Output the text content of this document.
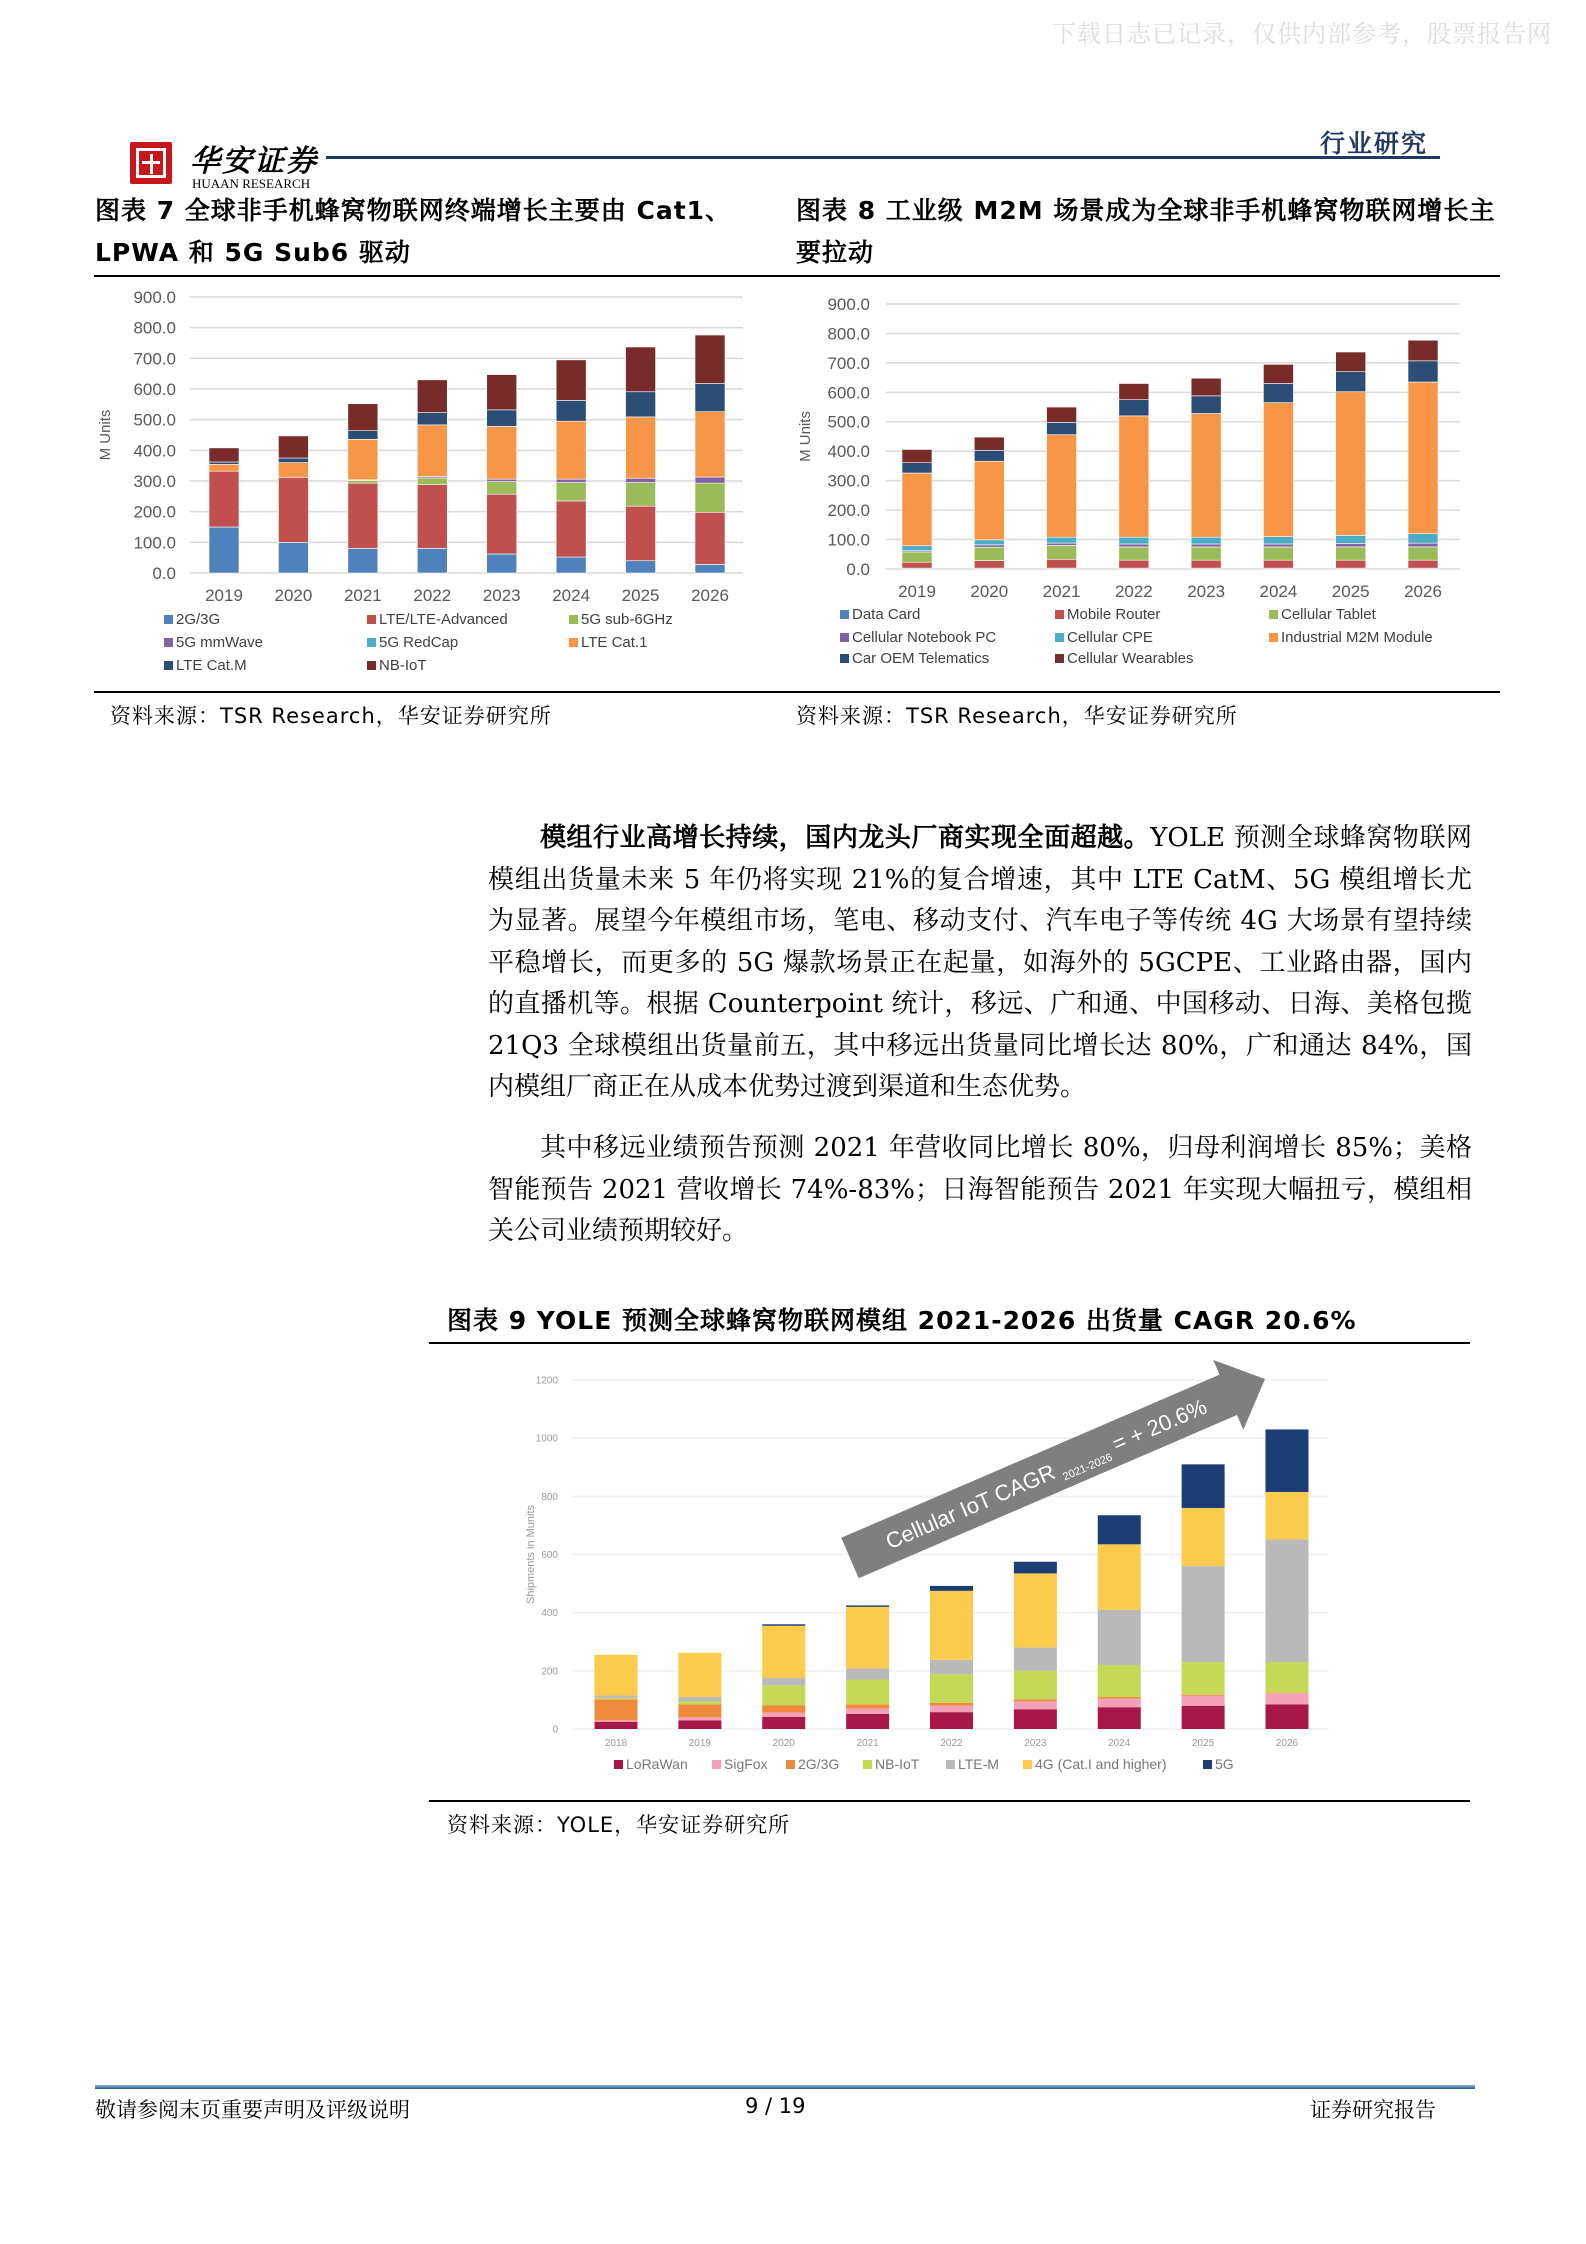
下载日志已记录，仅供内部参考，股票报告网
华安证券
HUAAN RESEARCH
行业研究
图表 7 全球非手机蜂窝物联网终端增长主要由 Cat1、LPWA 和 5G Sub6 驱动
图表 8 工业级 M2M 场景成为全球非手机蜂窝物联网增长主要拉动
0.0
100.0
200.0
300.0
400.0
500.0
600.0
700.0
800.0
900.0
M Units
2019 2020 2021 2022 2023 2024 2025 2026
2G/3G	LTE/LTE-Advanced	5G sub-6GHz
5G mmWave	5G RedCap	LTE Cat.1
LTE Cat.M	NB-IoT
0.0
100.0
200.0
300.0
400.0
500.0
600.0
700.0
800.0
900.0
M Units
2019 2020 2021 2022 2023 2024 2025 2026
Data Card	Mobile Router	Cellular Tablet
Cellular Notebook PC	Cellular CPE	Industrial M2M Module
Car OEM Telematics	Cellular Wearables
资料来源：TSR Research，华安证券研究所	资料来源：TSR Research，华安证券研究所
模组行业高增长持续，国内龙头厂商实现全面超越。YOLE 预测全球蜂窝物联网模组出货量未来 5 年仍将实现 21%的复合增速，其中 LTE CatM、5G 模组增长尤为显著。展望今年模组市场，笔电、移动支付、汽车电子等传统 4G 大场景有望持续平稳增长，而更多的 5G 爆款场景正在起量，如海外的 5GCPE、工业路由器，国内的直播机等。根据 Counterpoint 统计，移远、广和通、中国移动、日海、美格包揽 21Q3 全球模组出货量前五，其中移远出货量同比增长达 80%，广和通达 84%，国内模组厂商正在从成本优势过渡到渠道和生态优势。
其中移远业绩预告预测 2021 年营收同比增长 80%，归母利润增长 85%；美格智能预告 2021 营收增长 74%-83%；日海智能预告 2021 年实现大幅扭亏，模组相关公司业绩预期较好。
图表 9 YOLE 预测全球蜂窝物联网模组 2021-2026 出货量 CAGR 20.6%
0
200
400
600
800
1000
1200
Shipments in Munits
2018	2019	2020	2021	2022	2023	2024	2025	2026
LoRaWan	SigFox 2G/3G	NB-IoT	LTE-M	4G (Cat.I and higher)	5G
Cellular IoT CAGR $_{2021-2026}$ = + 20.6%
资料来源：YOLE，华安证券研究所
敬请参阅末页重要声明及评级说明	9 / 19	证券研究报告
